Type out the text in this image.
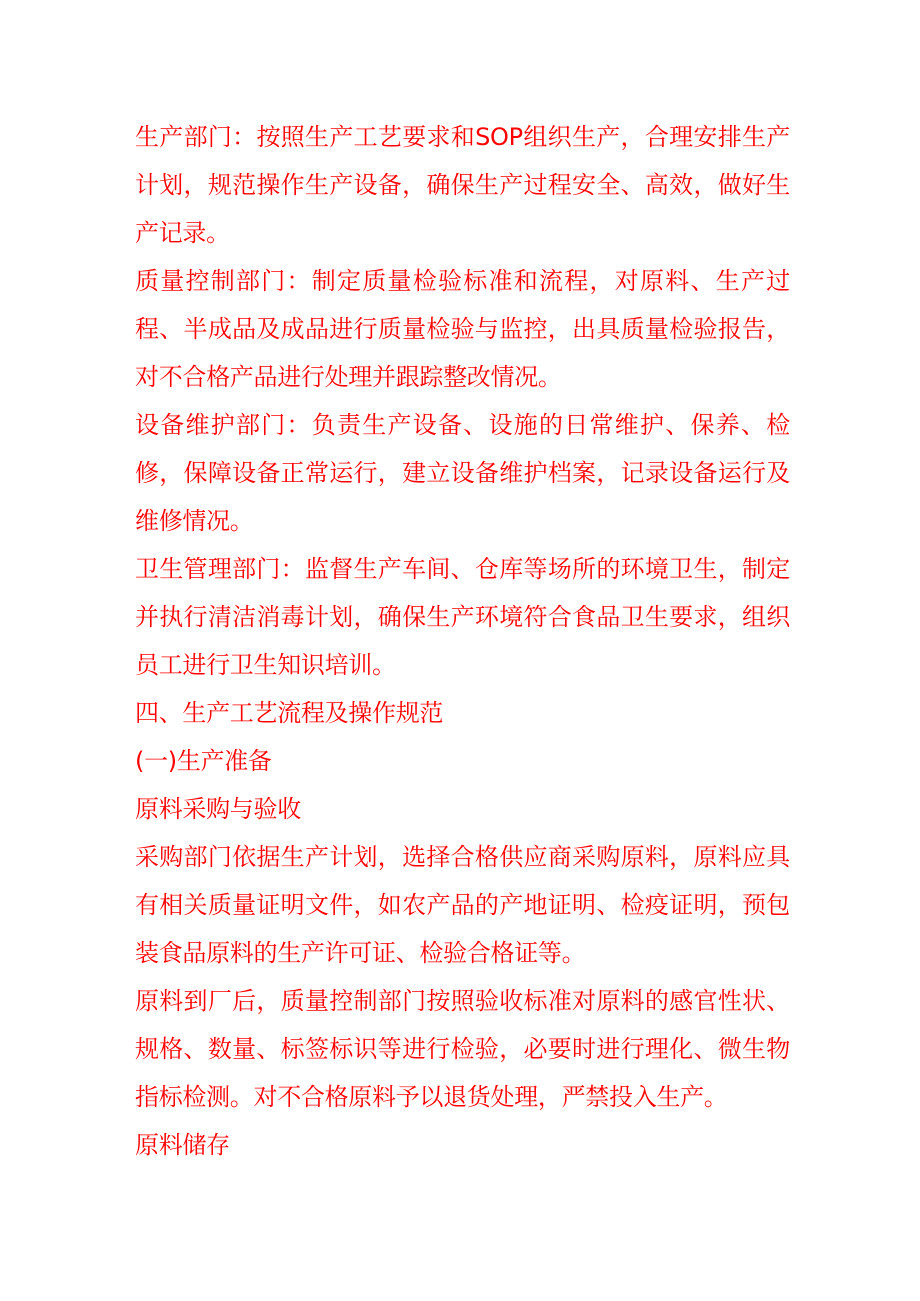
生产部门：按照生产工艺要求和SOP组织生产，合理安排生产计划，规范操作生产设备，确保生产过程安全、高效，做好生产记录。

质量控制部门：制定质量检验标准和流程，对原料、生产过程、半成品及成品进行质量检验与监控，出具质量检验报告，对不合格产品进行处理并跟踪整改情况。

设备维护部门：负责生产设备、设施的日常维护、保养、检修，保障设备正常运行，建立设备维护档案，记录设备运行及维修情况。

卫生管理部门：监督生产车间、仓库等场所的环境卫生，制定并执行清洁消毒计划，确保生产环境符合食品卫生要求，组织员工进行卫生知识培训。

四、生产工艺流程及操作规范

(一)生产准备

原料采购与验收

采购部门依据生产计划，选择合格供应商采购原料，原料应具有相关质量证明文件，如农产品的产地证明、检疫证明，预包装食品原料的生产许可证、检验合格证等。

原料到厂后，质量控制部门按照验收标准对原料的感官性状、规格、数量、标签标识等进行检验，必要时进行理化、微生物指标检测。对不合格原料予以退货处理，严禁投入生产。

原料储存
